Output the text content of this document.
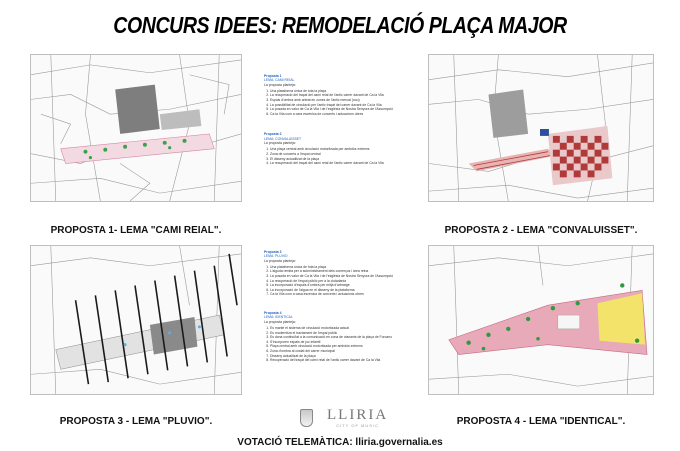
CONCURS IDEES: REMODELACIÓ PLAÇA MAJOR
Proposta 1
LEMA: CAMI REIAL
La proposta planteja:
1. Una plataforma única de tota la plaça
2. La recuperació del traçat del camí reial de l'antic carrer davant de Ca la Vila
3. Espais d'ombra amb arbrat en zones de l'antic mercat (nou)
4. La possibilitat de circulació per l'antic traçat del carrer davant de Ca la Vila
5. La posada en valor de Ca la Vila i de l'església de Nostra Senyora de l'Assumpció
6. Ca la Vila com a cara escènica de concerts i actuacions obres
Proposta 2
LEMA: CONVALUISSET
La proposta planteja:
1. Una plaça central amb circulació motoritzada per ambdós extrems
2. Zona de concerts a l'espai central
3. El disseny actualitzat de la plaça
4. La recuperació del traçat del camí reial de l'antic carrer davant de Ca la Vila
Proposta 3
LEMA: PLUVIO
La proposta planteja:
1. Una plataforma única de tota la plaça
2. L'aiguda remita per a subministrament dels comerços i àrea reina
3. La posada en valor de Ca la Vila i de l'església de Nostra Senyora de l'Assumpció
4. La recuperació de l'espai públic per a la ciutadania
5. La incorporació d'espais d'ombra per mitjà d'arbratge
6. La incorporació de l'aigua en el disseny de la plataforma
7. Ca la Vila com a casa escènica de concerts i actuacions obres
Proposta 4
LEMA: IDENTICAL
La proposta planteja:
1. Es manté el sistema de circulació motoritzada actual
2. Es modernitza el tractament de l'espai públic
3. Es dona continuïtat a la comunicació en zona de vianants de la plaça de Forcano
4. S'incorporen espais de joc infantil
5. Plaça central amb circulació motoritzada per ambdós extrems
6. Zona d'ombra al costat del carrer municipal
7. Disseny actualitzat de la plaça
8. Recuperació del traçat del camí reial de l'antic carrer davant de Ca la Vila
PROPOSTA 1- LEMA "CAMI REIAL".	PROPOSTA 2 - LEMA "CONVALUISSET".
PROPOSTA 3 - LEMA "PLUVIO".	PROPOSTA 4 - LEMA "IDENTICAL".
LLIRIA
CITY OF MUSIC
VOTACIÓ TELEMÀTICA: lliria.governalia.es
